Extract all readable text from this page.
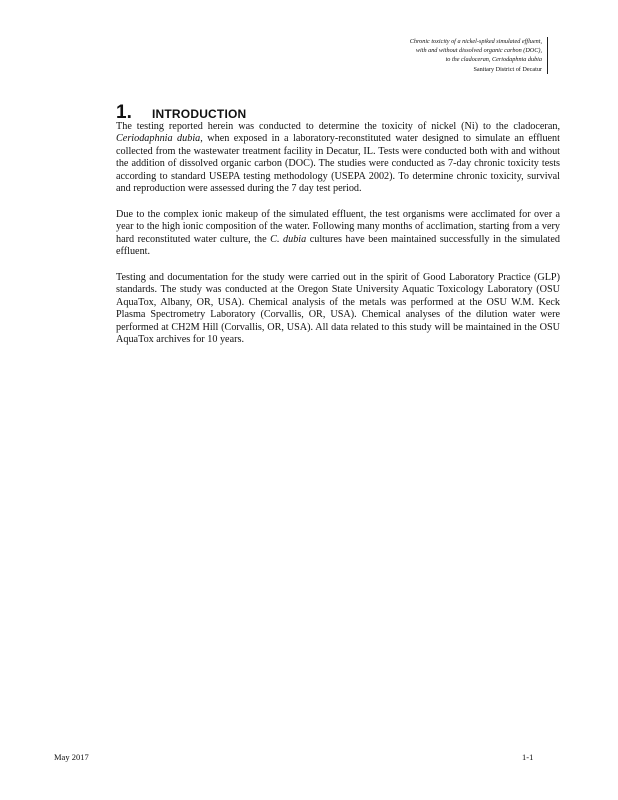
Chronic toxicity of a nickel-spiked simulated effluent,
with and without dissolved organic carbon (DOC),
to the cladoceran, Ceriodaphnia dubia
Sanitary District of Decatur
1. INTRODUCTION

The testing reported herein was conducted to determine the toxicity of nickel (Ni) to the cladoceran, Ceriodaphnia dubia, when exposed in a laboratory-reconstituted water designed to simulate an effluent collected from the wastewater treatment facility in Decatur, IL. Tests were conducted both with and without the addition of dissolved organic carbon (DOC). The studies were conducted as 7-day chronic toxicity tests according to standard USEPA testing methodology (USEPA 2002). To determine chronic toxicity, survival and reproduction were assessed during the 7 day test period.

Due to the complex ionic makeup of the simulated effluent, the test organisms were acclimated for over a year to the high ionic composition of the water. Following many months of acclimation, starting from a very hard reconstituted water culture, the C. dubia cultures have been maintained successfully in the simulated effluent.

Testing and documentation for the study were carried out in the spirit of Good Laboratory Practice (GLP) standards. The study was conducted at the Oregon State University Aquatic Toxicology Laboratory (OSU AquaTox, Albany, OR, USA). Chemical analysis of the metals was performed at the OSU W.M. Keck Plasma Spectrometry Laboratory (Corvallis, OR, USA). Chemical analyses of the dilution water were performed at CH2M Hill (Corvallis, OR, USA). All data related to this study will be maintained in the OSU AquaTox archives for 10 years.

May 2017	1-1
